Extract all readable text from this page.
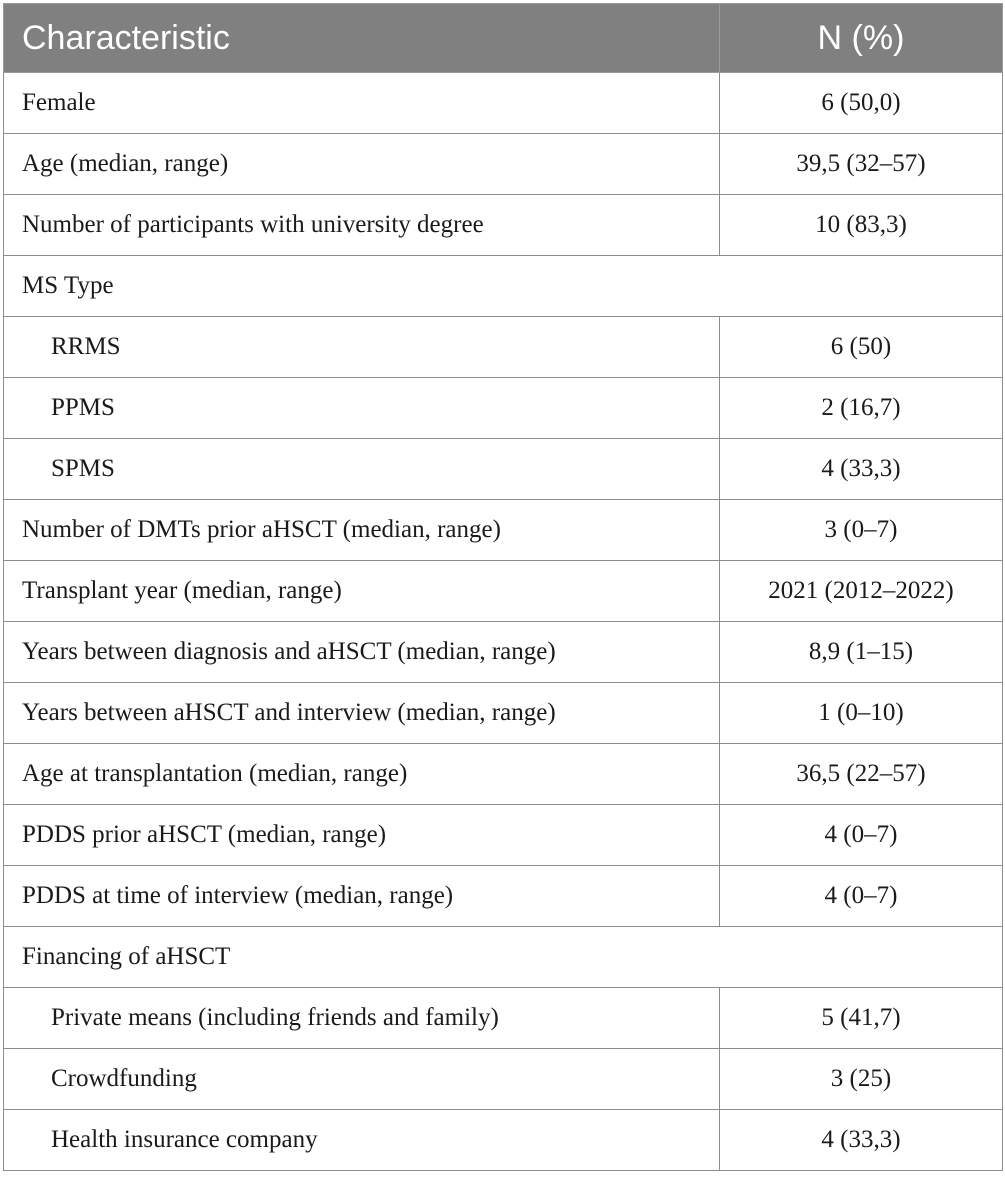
Characteristic	N (%)
Female	6 (50,0)
Age (median, range)	39,5 (32–57)
Number of participants with university degree	10 (83,3)
MS Type	
RRMS	6 (50)
PPMS	2 (16,7)
SPMS	4 (33,3)
Number of DMTs prior aHSCT (median, range)	3 (0–7)
Transplant year (median, range)	2021 (2012–2022)
Years between diagnosis and aHSCT (median, range)	8,9 (1–15)
Years between aHSCT and interview (median, range)	1 (0–10)
Age at transplantation (median, range)	36,5 (22–57)
PDDS prior aHSCT (median, range)	4 (0–7)
PDDS at time of interview (median, range)	4 (0–7)
Financing of aHSCT	
Private means (including friends and family)	5 (41,7)
Crowdfunding	3 (25)
Health insurance company	4 (33,3)
